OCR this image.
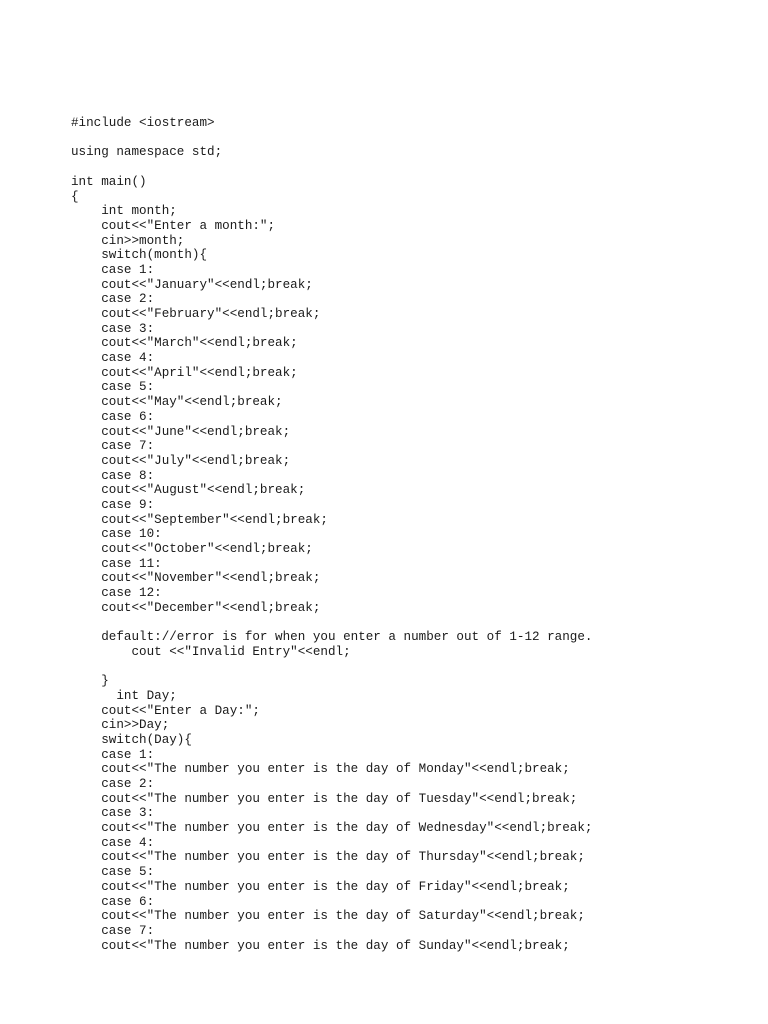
#include <iostream>
using namespace std;
int main()
{
int month;
cout<<"Enter a month:";
cin>>month;
switch(month){
case 1:
cout<<"January"<<endl;break;
case 2:
cout<<"February"<<endl;break;
case 3:
cout<<"March"<<endl;break;
case 4:
cout<<"April"<<endl;break;
case 5:
cout<<"May"<<endl;break;
case 6:
cout<<"June"<<endl;break;
case 7:
cout<<"July"<<endl;break;
case 8:
cout<<"August"<<endl;break;
case 9:
cout<<"September"<<endl;break;
case 10:
cout<<"October"<<endl;break;
case 11:
cout<<"November"<<endl;break;
case 12:
cout<<"December"<<endl;break;
default://error is for when you enter a number out of 1-12 range.
cout <<"Invalid Entry"<<endl;
}
int Day;
cout<<"Enter a Day:";
cin>>Day;
switch(Day){
case 1:
cout<<"The number you enter is the day of Monday"<<endl;break;
case 2:
cout<<"The number you enter is the day of Tuesday"<<endl;break;
case 3:
cout<<"The number you enter is the day of Wednesday"<<endl;break;
case 4:
cout<<"The number you enter is the day of Thursday"<<endl;break;
case 5:
cout<<"The number you enter is the day of Friday"<<endl;break;
case 6:
cout<<"The number you enter is the day of Saturday"<<endl;break;
case 7:
cout<<"The number you enter is the day of Sunday"<<endl;break;
